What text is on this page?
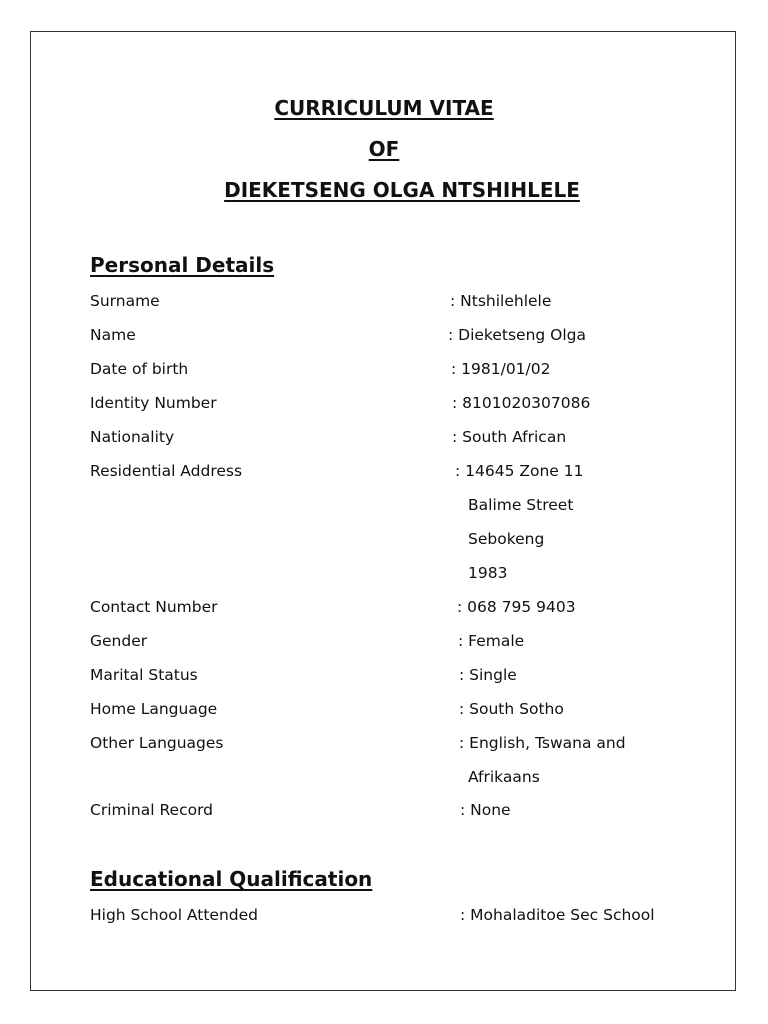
CURRICULUM VITAE
OF
DIEKETSENG OLGA NTSHIHLELE
Personal Details
Surname	: Ntshilehlele
Name	: Dieketseng Olga
Date of birth	: 1981/01/02
Identity Number	: 8101020307086
Nationality	: South African
Residential Address	: 14645 Zone 11
Balime Street
Sebokeng
1983
Contact Number	: 068 795 9403
Gender	: Female
Marital Status	: Single
Home Language	: South Sotho
Other Languages	: English, Tswana and
Afrikaans
Criminal Record	: None
Educational Qualification
High School Attended	: Mohaladitoe Sec School
